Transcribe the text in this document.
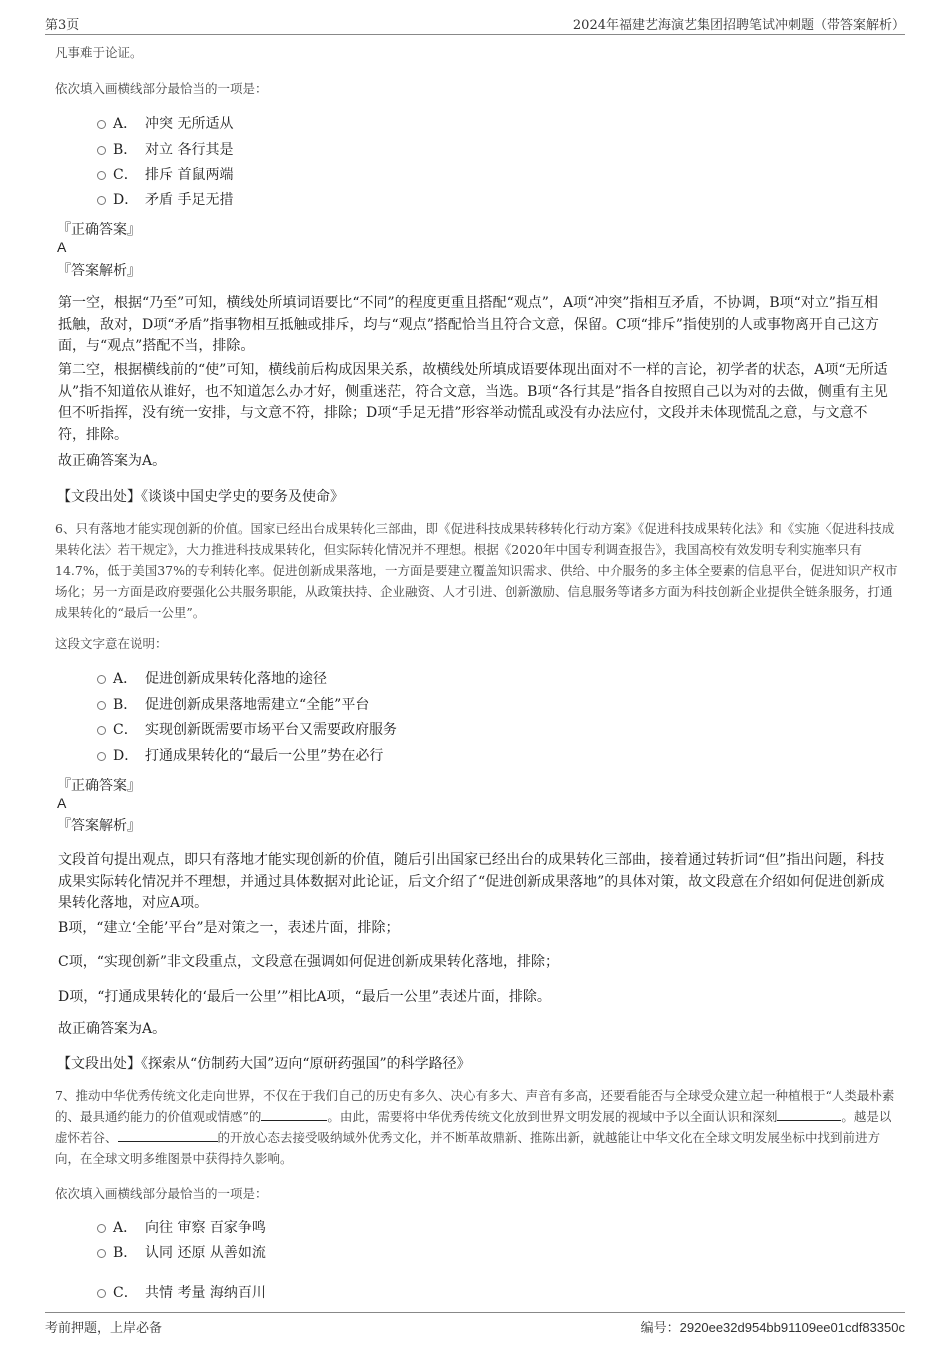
第3页	2024年福建艺海演艺集团招聘笔试冲刺题（带答案解析）
凡事难于论证。
依次填入画横线部分最恰当的一项是：
A． 冲突 无所适从
B． 对立 各行其是
C． 排斥 首鼠两端
D． 矛盾 手足无措
『正确答案』
A
『答案解析』
第一空，根据“乃至”可知，横线处所填词语要比“不同”的程度更重且搭配“观点”，A项“冲突”指相互矛盾，不协调，B项“对立”指互相抵触，敌对，D项“矛盾”指事物相互抵触或排斥，均与“观点”搭配恰当且符合文意，保留。C项“排斥”指使别的人或事物离开自己这方面，与“观点”搭配不当，排除。
第二空，根据横线前的“使”可知，横线前后构成因果关系，故横线处所填成语要体现出面对不一样的言论，初学者的状态，A项“无所适从”指不知道依从谁好，也不知道怎么办才好，侧重迷茫，符合文意，当选。B项“各行其是”指各自按照自己以为对的去做，侧重有主见但不听指挥，没有统一安排，与文意不符，排除；D项“手足无措”形容举动慌乱或没有办法应付，文段并未体现慌乱之意，与文意不符，排除。
故正确答案为A。
【文段出处】《谈谈中国史学史的要务及使命》
6、只有落地才能实现创新的价值。国家已经出台成果转化三部曲，即《促进科技成果转移转化行动方案》《促进科技成果转化法》和《实施〈促进科技成果转化法〉若干规定》，大力推进科技成果转化，但实际转化情况并不理想。根据《2020年中国专利调查报告》，我国高校有效发明专利实施率只有14.7%，低于美国37%的专利转化率。促进创新成果落地，一方面是要建立覆盖知识需求、供给、中介服务的多主体全要素的信息平台，促进知识产权市场化；另一方面是政府要强化公共服务职能，从政策扶持、企业融资、人才引进、创新激励、信息服务等诸多方面为科技创新企业提供全链条服务，打通成果转化的“最后一公里”。
这段文字意在说明：
A． 促进创新成果转化落地的途径
B． 促进创新成果落地需建立“全能”平台
C． 实现创新既需要市场平台又需要政府服务
D． 打通成果转化的“最后一公里”势在必行
『正确答案』
A
『答案解析』
文段首句提出观点，即只有落地才能实现创新的价值，随后引出国家已经出台的成果转化三部曲，接着通过转折词“但”指出问题，科技成果实际转化情况并不理想，并通过具体数据对此论证，后文介绍了“促进创新成果落地”的具体对策，故文段意在介绍如何促进创新成果转化落地，对应A项。
B项，“建立‘全能’平台”是对策之一，表述片面，排除；
C项，“实现创新”非文段重点，文段意在强调如何促进创新成果转化落地，排除；
D项，“打通成果转化的‘最后一公里’”相比A项，“最后一公里”表述片面，排除。
故正确答案为A。
【文段出处】《探索从“仿制药大国”迈向“原研药强国”的科学路径》
7、推动中华优秀传统文化走向世界，不仅在于我们自己的历史有多久、决心有多大、声音有多高，还要看能否与全球受众建立起一种植根于“人类最朴素的、最具通约能力的价值观或情感”的	。由此，需要将中华优秀传统文化放到世界文明发展的视域中予以全面认识和深刻	。越是以虚怀若谷、	的开放心态去接受吸纳域外优秀文化，并不断革故鼎新、推陈出新，就越能让中华文化在全球文明发展坐标中找到前进方向，在全球文明多维图景中获得持久影响。
依次填入画横线部分最恰当的一项是：
A． 向往 审察 百家争鸣
B． 认同 还原 从善如流
C． 共情 考量 海纳百川
考前押题，上岸必备	编号：2920ee32d954bb91109ee01cdf83350c
